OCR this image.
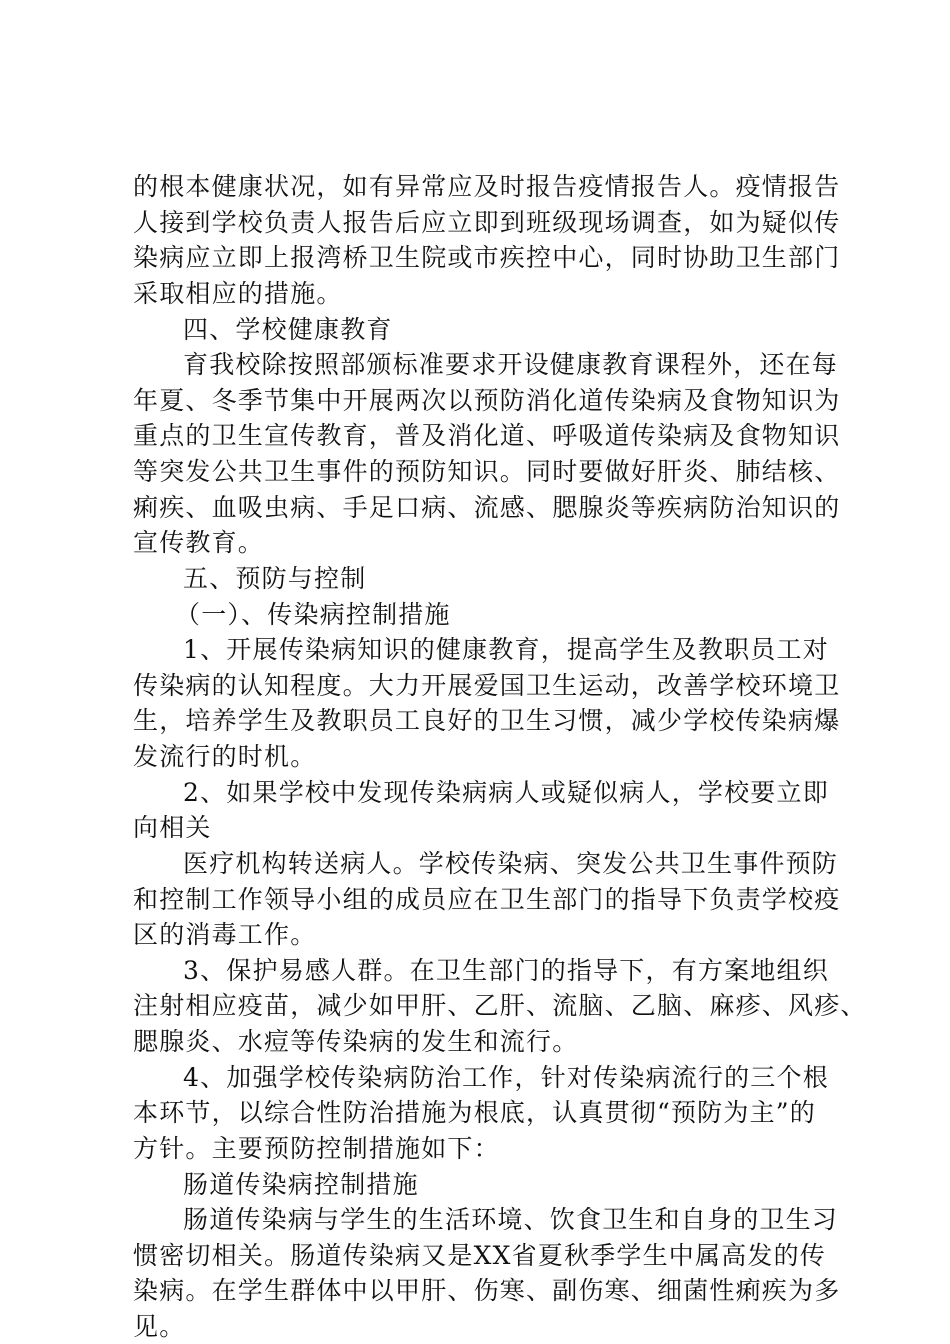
的根本健康状况，如有异常应及时报告疫情报告人。疫情报告
人接到学校负责人报告后应立即到班级现场调查，如为疑似传
染病应立即上报湾桥卫生院或市疾控中心，同时协助卫生部门
采取相应的措施。
四、学校健康教育
育我校除按照部颁标准要求开设健康教育课程外，还在每
年夏、冬季节集中开展两次以预防消化道传染病及食物知识为
重点的卫生宣传教育，普及消化道、呼吸道传染病及食物知识
等突发公共卫生事件的预防知识。同时要做好肝炎、肺结核、
痢疾、血吸虫病、手足口病、流感、腮腺炎等疾病防治知识的
宣传教育。
五、预防与控制
（一）、传染病控制措施
1、开展传染病知识的健康教育，提高学生及教职员工对
传染病的认知程度。大力开展爱国卫生运动，改善学校环境卫
生，培养学生及教职员工良好的卫生习惯，减少学校传染病爆
发流行的时机。
2、如果学校中发现传染病病人或疑似病人，学校要立即
向相关
医疗机构转送病人。学校传染病、突发公共卫生事件预防
和控制工作领导小组的成员应在卫生部门的指导下负责学校疫
区的消毒工作。
3、保护易感人群。在卫生部门的指导下，有方案地组织
注射相应疫苗，减少如甲肝、乙肝、流脑、乙脑、麻疹、风疹、
腮腺炎、水痘等传染病的发生和流行。
4、加强学校传染病防治工作，针对传染病流行的三个根
本环节，以综合性防治措施为根底，认真贯彻“预防为主”的
方针。主要预防控制措施如下：
肠道传染病控制措施
肠道传染病与学生的生活环境、饮食卫生和自身的卫生习
惯密切相关。肠道传染病又是XX省夏秋季学生中属高发的传
染病。在学生群体中以甲肝、伤寒、副伤寒、细菌性痢疾为多
见。
